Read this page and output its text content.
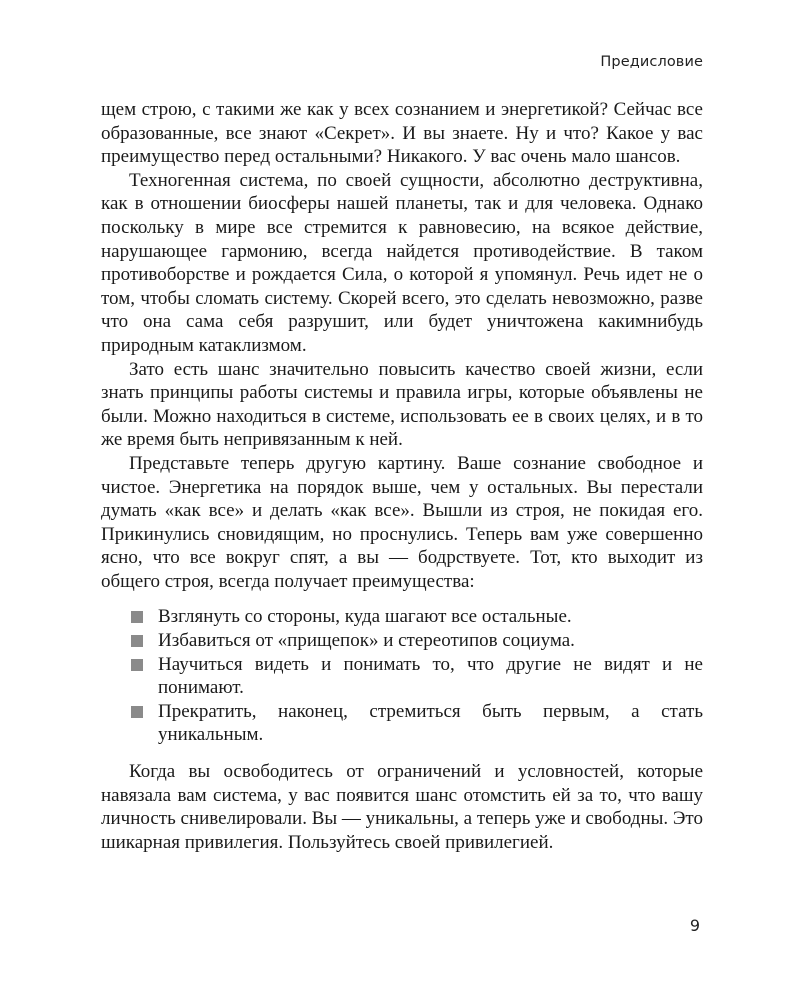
Предисловие

щем строю, с такими же как у всех сознанием и энергетикой? Сейчас все образованные, все знают «Секрет». И вы знаете. Ну и что? Какое у вас преимущество перед остальными? Никакого. У вас очень мало шансов.

Техногенная система, по своей сущности, абсолютно деструктивна, как в отношении биосферы нашей планеты, так и для человека. Однако поскольку в мире все стремится к равновесию, на всякое действие, нарушающее гармонию, всегда найдется противодействие. В таком противоборстве и рождается Сила, о которой я упомянул. Речь идет не о том, чтобы сломать систему. Скорей всего, это сделать невозможно, разве что она сама себя разрушит, или будет уничтожена какимнибудь природным катаклизмом.

Зато есть шанс значительно повысить качество своей жизни, если знать принципы работы системы и правила игры, которые объявлены не были. Можно находиться в системе, использовать ее в своих целях, и в то же время быть непривязанным к ней.

Представьте теперь другую картину. Ваше сознание свободное и чистое. Энергетика на порядок выше, чем у остальных. Вы перестали думать «как все» и делать «как все». Вышли из строя, не покидая его. Прикинулись сновидящим, но проснулись. Теперь вам уже совершенно ясно, что все вокруг спят, а вы — бодрствуете. Тот, кто выходит из общего строя, всегда получает преимущества:

Взглянуть со стороны, куда шагают все остальные.
Избавиться от «прищепок» и стереотипов социума.
Научиться видеть и понимать то, что другие не видят и не понимают.
Прекратить, наконец, стремиться быть первым, а стать уникальным.

Когда вы освободитесь от ограничений и условностей, которые навязала вам система, у вас появится шанс отомстить ей за то, что вашу личность снивелировали. Вы — уникальны, а теперь уже и свободны. Это шикарная привилегия. Пользуйтесь своей привилегией.

9
